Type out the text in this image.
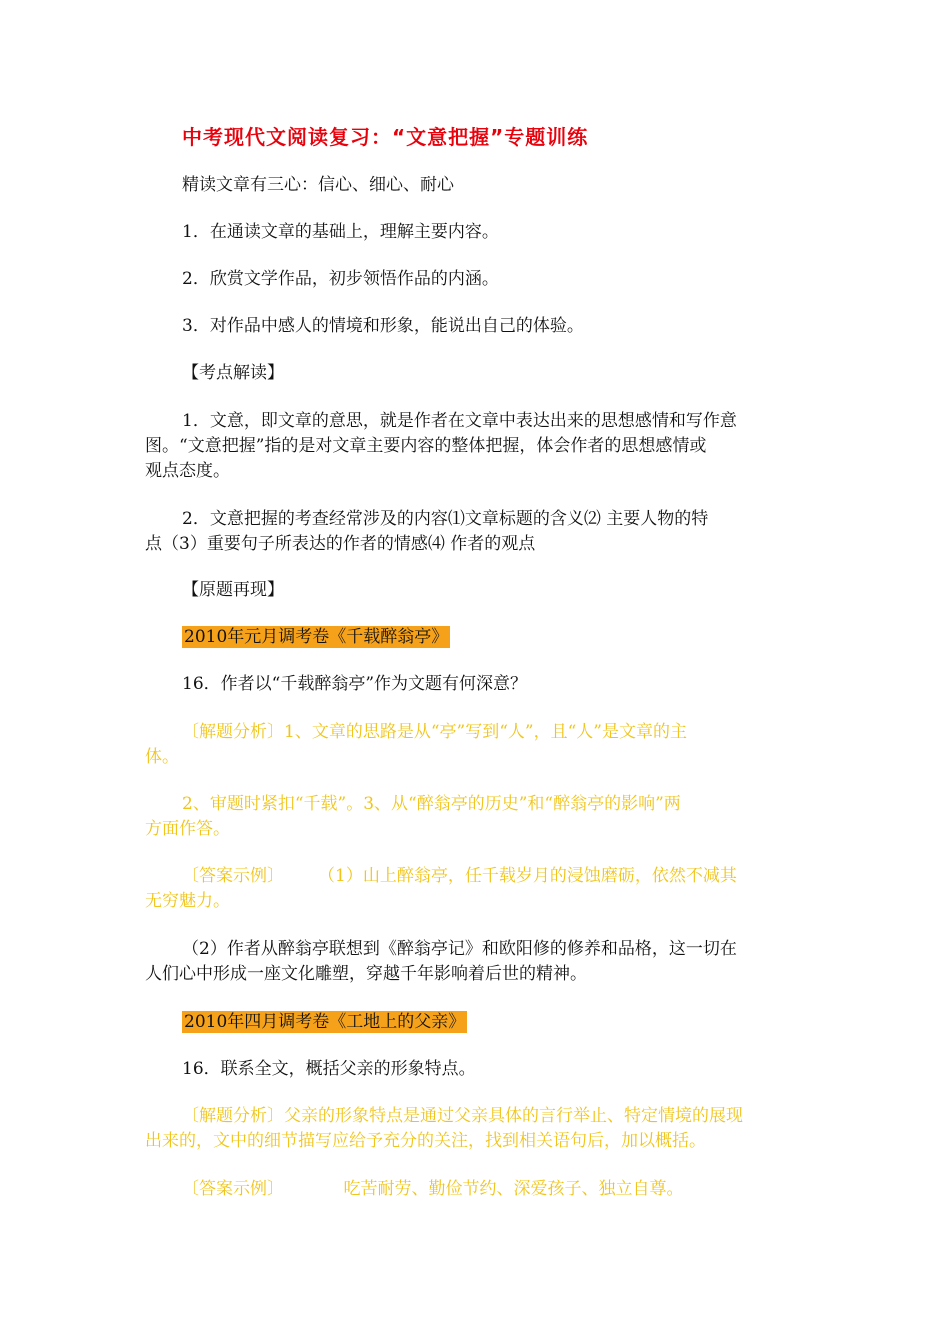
中考现代文阅读复习：“文意把握”专题训练
精读文章有三心：信心、细心、耐心
1．在通读文章的基础上，理解主要内容。
2．欣赏文学作品，初步领悟作品的内涵。
3．对作品中感人的情境和形象，能说出自己的体验。
【考点解读】
1．文意，即文章的意思，就是作者在文章中表达出来的思想感情和写作意
图。“文意把握”指的是对文章主要内容的整体把握，体会作者的思想感情或
观点态度。
2．文意把握的考查经常涉及的内容⑴文章标题的含义⑵ 主要人物的特
点（3）重要句子所表达的作者的情感⑷ 作者的观点
【原题再现】
2010年元月调考卷《千载醉翁亭》
16．作者以“千载醉翁亭”作为文题有何深意？
〔解题分析〕1、文章的思路是从“亭”写到“人”，且“人”是文章的主
体。
2、审题时紧扣“千载”。3、从“醉翁亭的历史”和“醉翁亭的影响”两
方面作答。
〔答案示例〕　　　（1）山上醉翁亭，任千载岁月的浸蚀磨砺，依然不减其
无穷魅力。
（2）作者从醉翁亭联想到《醉翁亭记》和欧阳修的修养和品格，这一切在
人们心中形成一座文化雕塑，穿越千年影响着后世的精神。
2010年四月调考卷《工地上的父亲》
16．联系全文，概括父亲的形象特点。
〔解题分析〕父亲的形象特点是通过父亲具体的言行举止、特定情境的展现
出来的，文中的细节描写应给予充分的关注，找到相关语句后，加以概括。
〔答案示例〕　　　　吃苦耐劳、勤俭节约、深爱孩子、独立自尊。
